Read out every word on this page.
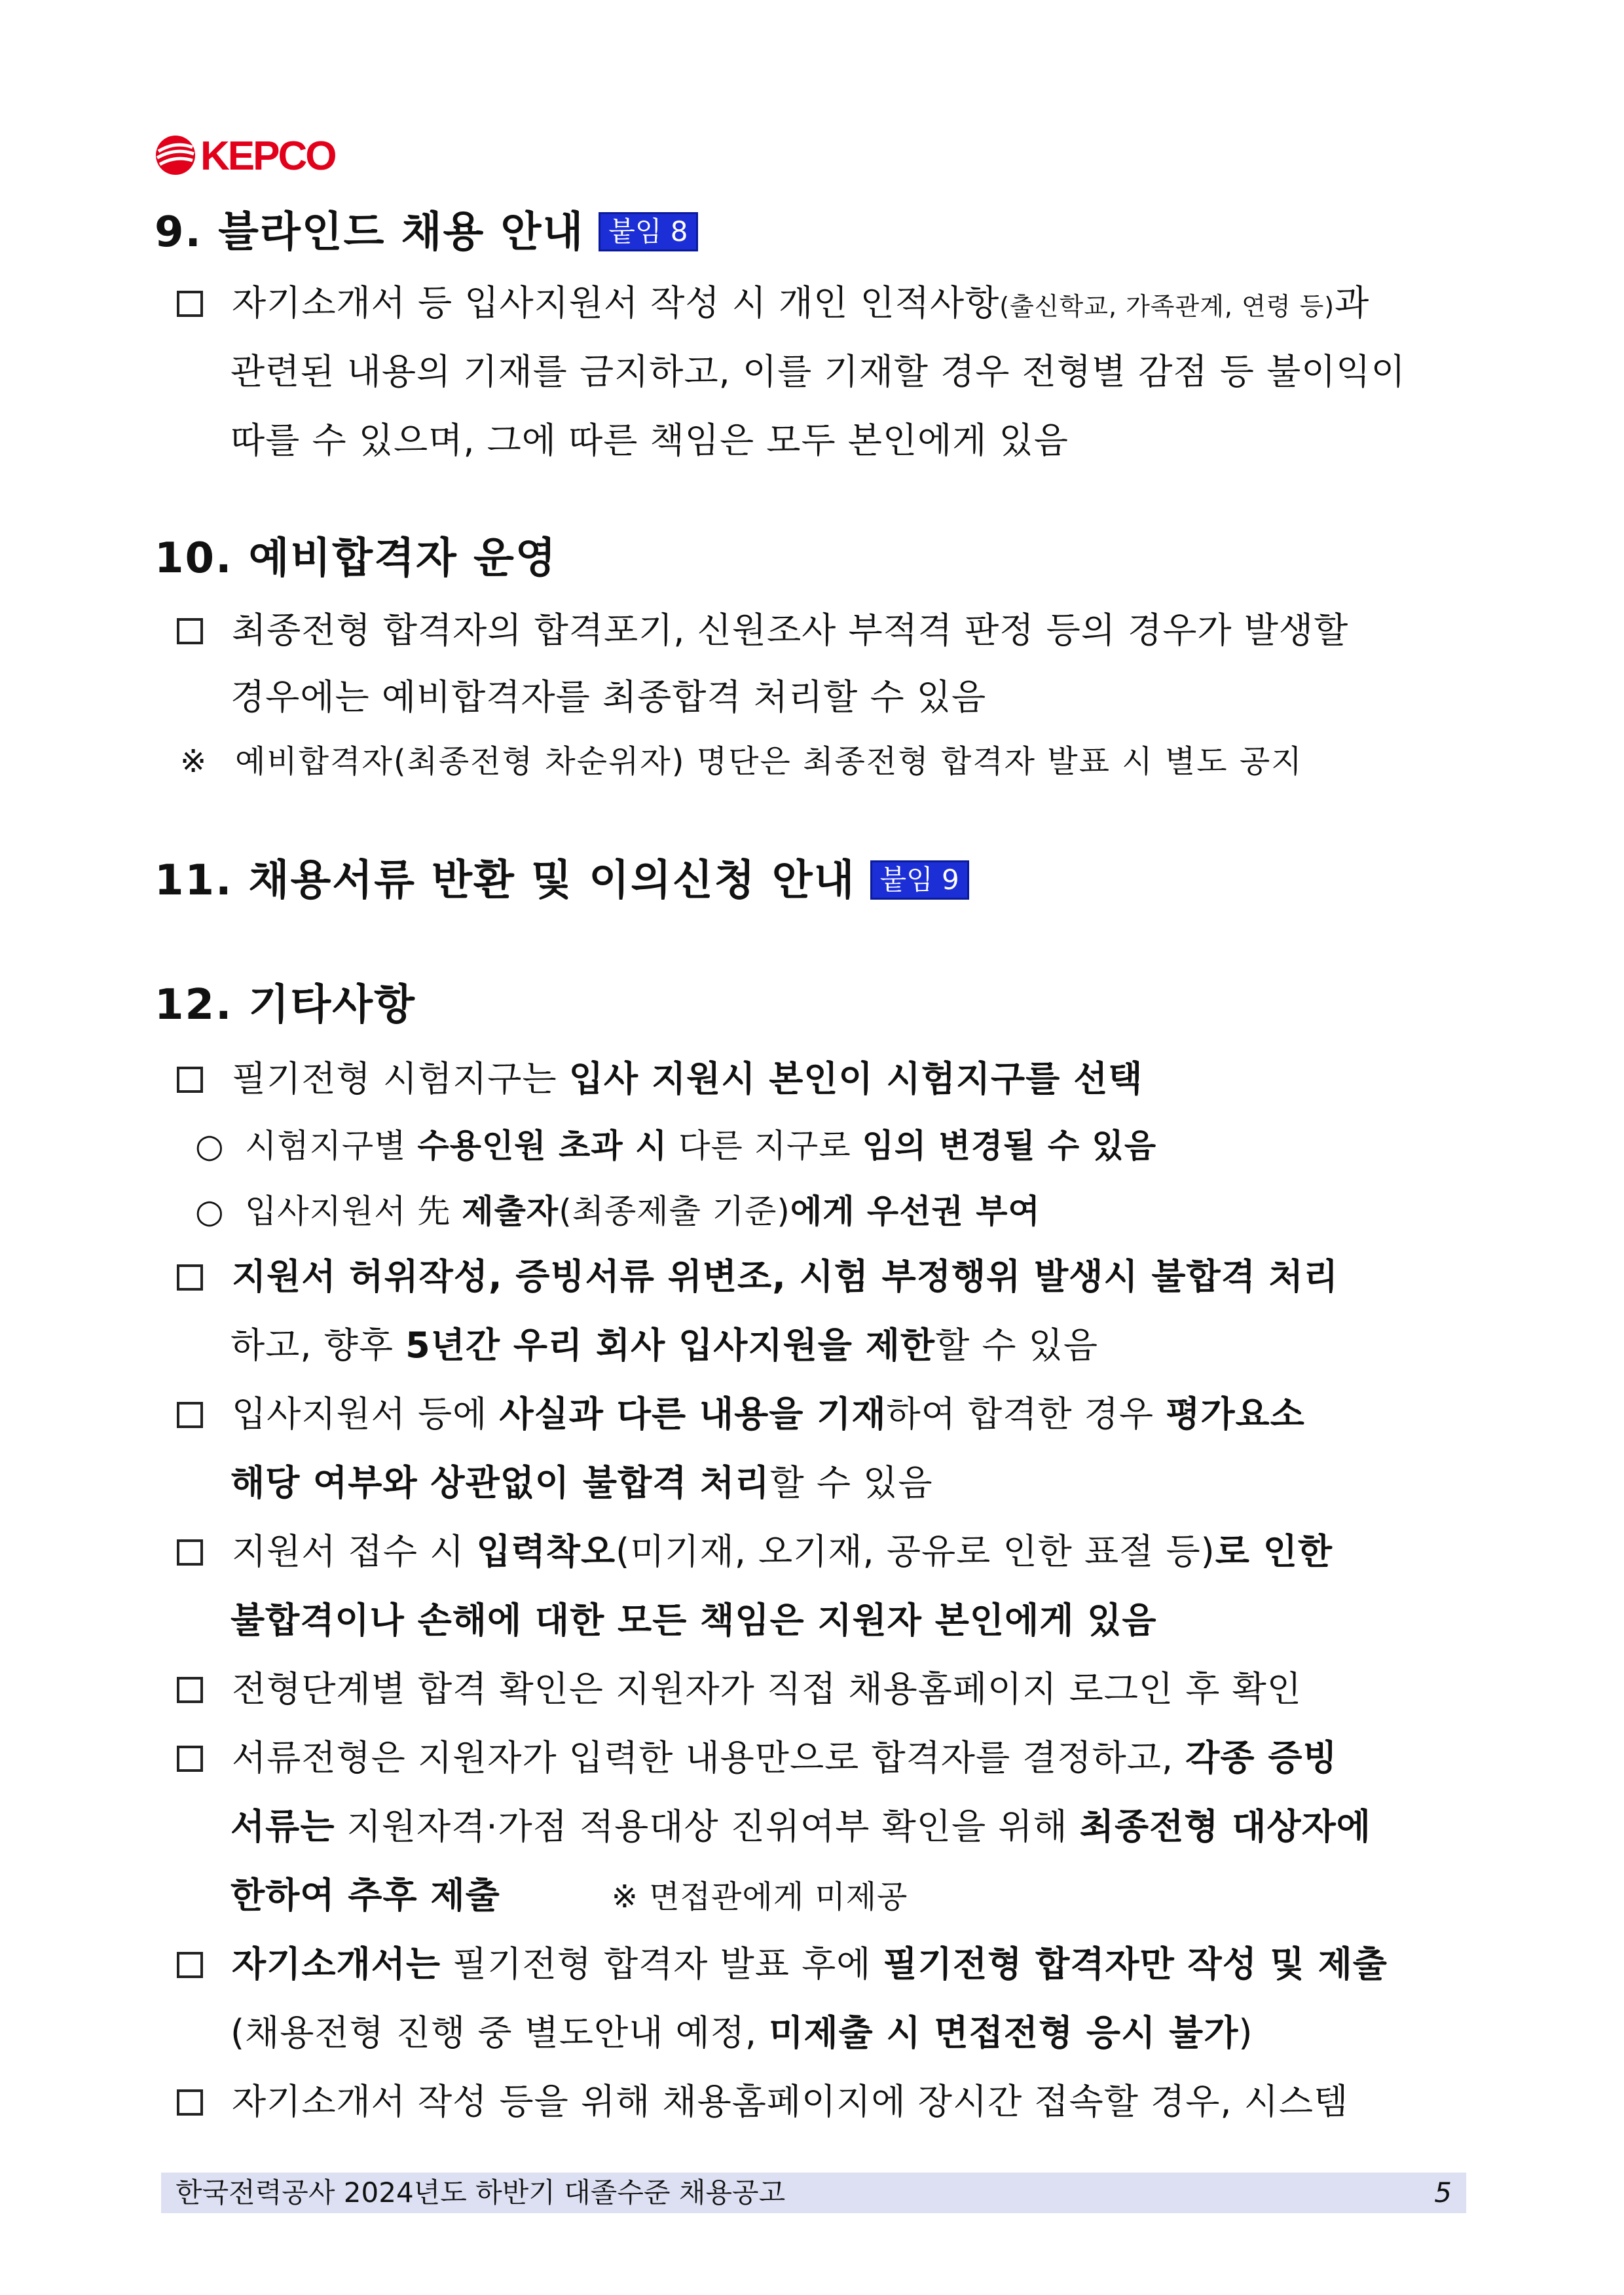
KEPCO
9. 블라인드 채용 안내 붙임 8
자기소개서 등 입사지원서 작성 시 개인 인적사항(출신학교, 가족관계, 연령 등)과
관련된 내용의 기재를 금지하고, 이를 기재할 경우 전형별 감점 등 불이익이
따를 수 있으며, 그에 따른 책임은 모두 본인에게 있음
10. 예비합격자 운영
최종전형 합격자의 합격포기, 신원조사 부적격 판정 등의 경우가 발생할
경우에는 예비합격자를 최종합격 처리할 수 있음
※ 예비합격자(최종전형 차순위자) 명단은 최종전형 합격자 발표 시 별도 공지
11. 채용서류 반환 및 이의신청 안내 붙임 9
12. 기타사항
필기전형 시험지구는 입사 지원시 본인이 시험지구를 선택
○ 시험지구별 수용인원 초과 시 다른 지구로 임의 변경될 수 있음
○ 입사지원서 先 제출자(최종제출 기준)에게 우선권 부여
지원서 허위작성, 증빙서류 위변조, 시험 부정행위 발생시 불합격 처리
하고, 향후 5년간 우리 회사 입사지원을 제한할 수 있음
입사지원서 등에 사실과 다른 내용을 기재하여 합격한 경우 평가요소
해당 여부와 상관없이 불합격 처리할 수 있음
지원서 접수 시 입력착오(미기재, 오기재, 공유로 인한 표절 등)로 인한
불합격이나 손해에 대한 모든 책임은 지원자 본인에게 있음
전형단계별 합격 확인은 지원자가 직접 채용홈페이지 로그인 후 확인
서류전형은 지원자가 입력한 내용만으로 합격자를 결정하고, 각종 증빙
서류는 지원자격·가점 적용대상 진위여부 확인을 위해 최종전형 대상자에
한하여 추후 제출	※ 면접관에게 미제공
자기소개서는 필기전형 합격자 발표 후에 필기전형 합격자만 작성 및 제출
(채용전형 진행 중 별도안내 예정, 미제출 시 면접전형 응시 불가)
자기소개서 작성 등을 위해 채용홈페이지에 장시간 접속할 경우, 시스템
한국전력공사 2024년도 하반기 대졸수준 채용공고	5
